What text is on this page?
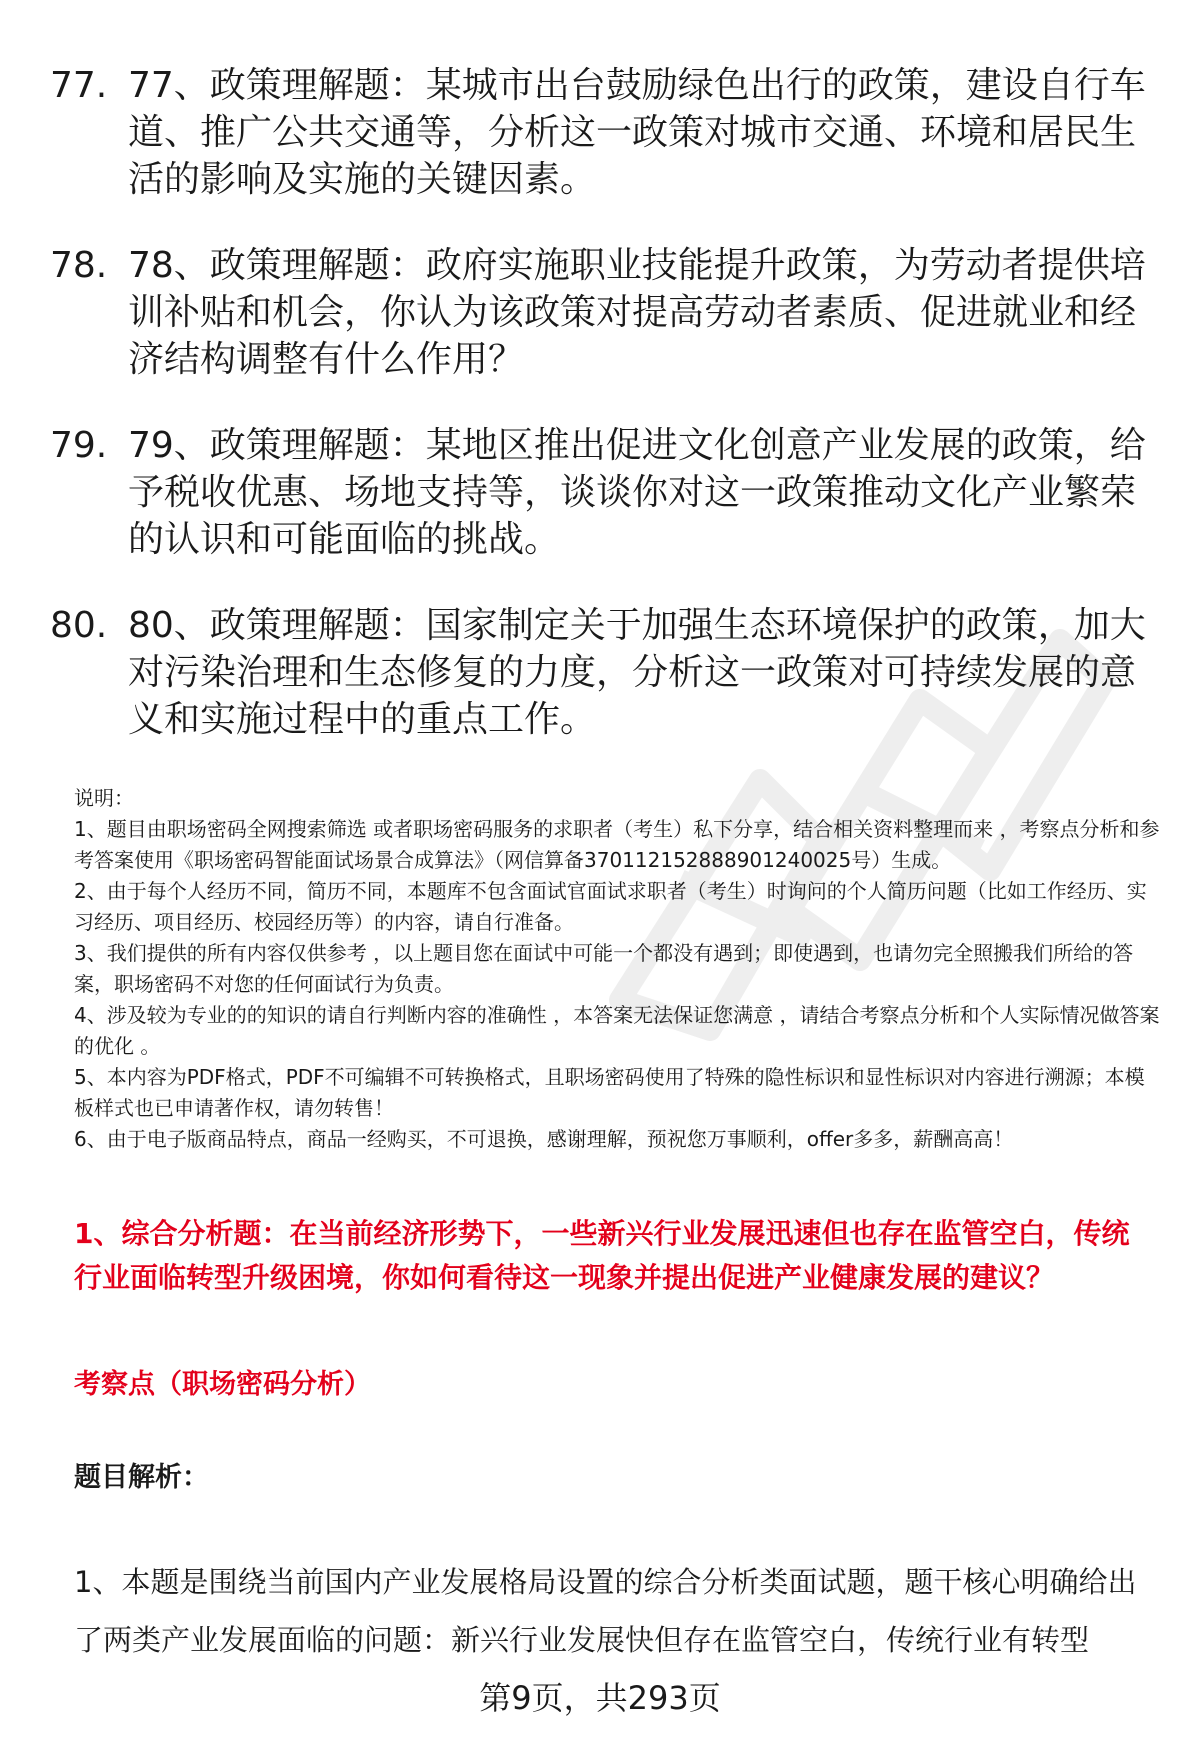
77. 77、政策理解题：某城市出台鼓励绿色出行的政策，建设自行车道、推广公共交通等，分析这一政策对城市交通、环境和居民生活的影响及实施的关键因素。
78. 78、政策理解题：政府实施职业技能提升政策，为劳动者提供培训补贴和机会，你认为该政策对提高劳动者素质、促进就业和经济结构调整有什么作用？
79. 79、政策理解题：某地区推出促进文化创意产业发展的政策，给予税收优惠、场地支持等，谈谈你对这一政策推动文化产业繁荣的认识和可能面临的挑战。
80. 80、政策理解题：国家制定关于加强生态环境保护的政策，加大对污染治理和生态修复的力度，分析这一政策对可持续发展的意义和实施过程中的重点工作。

说明：

1、题目由职场密码全网搜索筛选 或者职场密码服务的求职者（考生）私下分享，结合相关资料整理而来 ，考察点分析和参考答案使用《职场密码智能面试场景合成算法》（网信算备370112152888901240025号）生成。

2、由于每个人经历不同，简历不同，本题库不包含面试官面试求职者（考生）时询问的个人简历问题（比如工作经历、实习经历、项目经历、校园经历等）的内容，请自行准备。

3、我们提供的所有内容仅供参考 ，以上题目您在面试中可能一个都没有遇到；即使遇到，也请勿完全照搬我们所给的答案，职场密码不对您的任何面试行为负责。

4、涉及较为专业的的知识的请自行判断内容的准确性 ，本答案无法保证您满意 ，请结合考察点分析和个人实际情况做答案的优化 。

5、本内容为PDF格式，PDF不可编辑不可转换格式，且职场密码使用了特殊的隐性标识和显性标识对内容进行溯源；本模板样式也已申请著作权，请勿转售！

6、由于电子版商品特点，商品一经购买，不可退换，感谢理解，预祝您万事顺利，offer多多，薪酬高高！

1、综合分析题：在当前经济形势下，一些新兴行业发展迅速但也存在监管空白，传统行业面临转型升级困境，你如何看待这一现象并提出促进产业健康发展的建议？
考察点（职场密码分析）
题目解析：

1、本题是围绕当前国内产业发展格局设置的综合分析类面试题，题干核心明确给出了两类产业发展面临的问题：新兴行业发展快但存在监管空白，传统行业有转型

第9页，共293页
